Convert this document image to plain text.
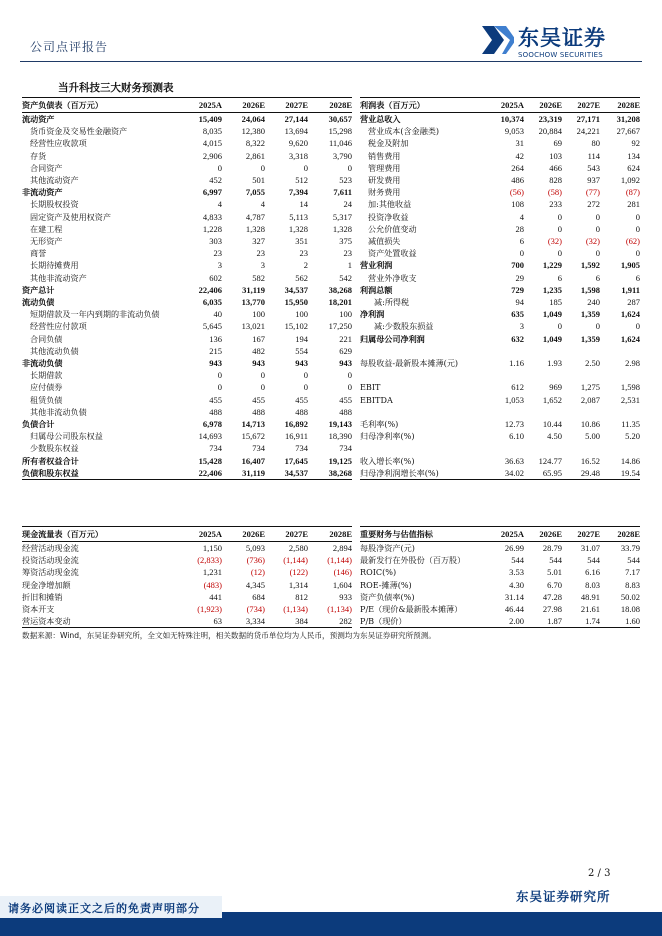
公司点评报告	东吴证券
SOOCHOW SECURITIES
当升科技三大财务预测表
资产负债表（百万元）	2025A	2026E	2027E	2028E
流动资产	15,409	24,064	27,144	30,657
货币资金及交易性金融资产	8,035	12,380	13,694	15,298
经营性应收款项	4,015	8,322	9,620	11,046
存货	2,906	2,861	3,318	3,790
合同资产	0	0	0	0
其他流动资产	452	501	512	523
非流动资产	6,997	7,055	7,394	7,611
长期股权投资	4	4	14	24
固定资产及使用权资产	4,833	4,787	5,113	5,317
在建工程	1,228	1,328	1,328	1,328
无形资产	303	327	351	375
商誉	23	23	23	23
长期待摊费用	3	3	2	1
其他非流动资产	602	582	562	542
资产总计	22,406	31,119	34,537	38,268
流动负债	6,035	13,770	15,950	18,201
短期借款及一年内到期的非流动负债	40	100	100	100
经营性应付款项	5,645	13,021	15,102	17,250
合同负债	136	167	194	221
其他流动负债	215	482	554	629
非流动负债	943	943	943	943
长期借款	0	0	0	0
应付债券	0	0	0	0
租赁负债	455	455	455	455
其他非流动负债	488	488	488	488
负债合计	6,978	14,713	16,892	19,143
归属母公司股东权益	14,693	15,672	16,911	18,390
少数股东权益	734	734	734	734
所有者权益合计	15,428	16,407	17,645	19,125
负债和股东权益	22,406	31,119	34,537	38,268
利润表（百万元）	2025A	2026E	2027E	2028E
营业总收入	10,374	23,319	27,171	31,208
营业成本(含金融类)	9,053	20,884	24,221	27,667
税金及附加	31	69	80	92
销售费用	42	103	114	134
管理费用	264	466	543	624
研发费用	486	828	937	1,092
财务费用	(56)	(58)	(77)	(87)
加:其他收益	108	233	272	281
投资净收益	4	0	0	0
公允价值变动	28	0	0	0
减值损失	6	(32)	(32)	(62)
资产处置收益	0	0	0	0
营业利润	700	1,229	1,592	1,905
营业外净收支	29	6	6	6
利润总额	729	1,235	1,598	1,911
减:所得税	94	185	240	287
净利润	635	1,049	1,359	1,624
减:少数股东损益	3	0	0	0
归属母公司净利润	632	1,049	1,359	1,624

每股收益-最新股本摊薄(元)	1.16	1.93	2.50	2.98

EBIT	612	969	1,275	1,598
EBITDA	1,053	1,652	2,087	2,531

毛利率(%)	12.73	10.44	10.86	11.35
归母净利率(%)	6.10	4.50	5.00	5.20

收入增长率(%)	36.63	124.77	16.52	14.86
归母净利润增长率(%)	34.02	65.95	29.48	19.54
现金流量表（百万元）	2025A	2026E	2027E	2028E
经营活动现金流	1,150	5,093	2,580	2,894
投资活动现金流	(2,833)	(736)	(1,144)	(1,144)
筹资活动现金流	1,231	(12)	(122)	(146)
现金净增加额	(483)	4,345	1,314	1,604
折旧和摊销	441	684	812	933
资本开支	(1,923)	(734)	(1,134)	(1,134)
营运资本变动	63	3,334	384	282
重要财务与估值指标	2025A	2026E	2027E	2028E
每股净资产(元)	26.99	28.79	31.07	33.79
最新发行在外股份（百万股）	544	544	544	544
ROIC(%)	3.53	5.01	6.16	7.17
ROE-摊薄(%)	4.30	6.70	8.03	8.83
资产负债率(%)	31.14	47.28	48.91	50.02
P/E（现价&最新股本摊薄）	46.44	27.98	21.61	18.08
P/B（现价）	2.00	1.87	1.74	1.60
数据来源：Wind，东吴证券研究所，全文如无特殊注明，相关数据的货币单位均为人民币，预测均为东吴证券研究所预测。
2 / 3
东吴证券研究所
请务必阅读正文之后的免责声明部分
